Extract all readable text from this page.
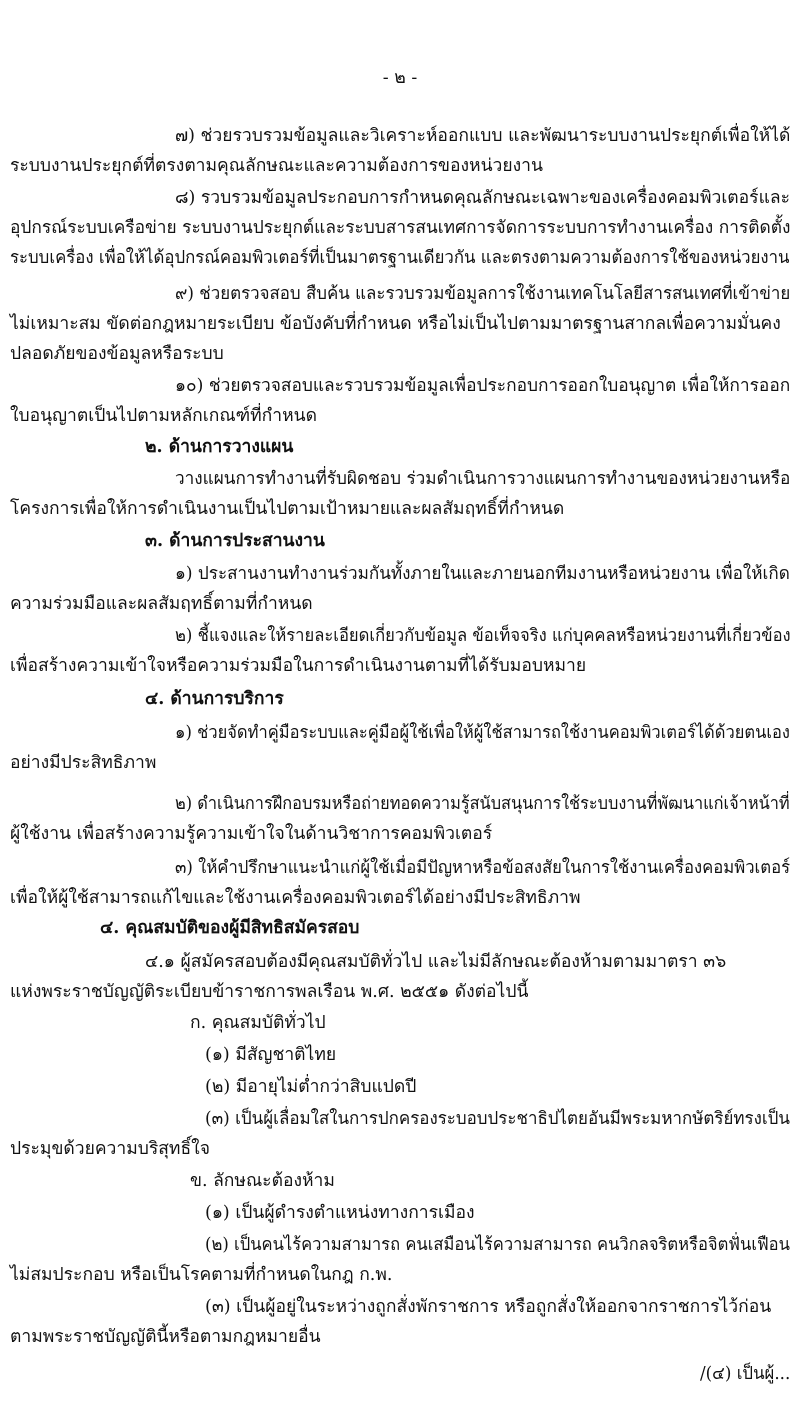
- ๒ -
๗) ช่วยรวบรวมข้อมูลและวิเคราะห์ออกแบบ และพัฒนาระบบงานประยุกต์เพื่อให้ได้
ระบบงานประยุกต์ที่ตรงตามคุณลักษณะและความต้องการของหน่วยงาน
๘) รวบรวมข้อมูลประกอบการกำหนดคุณลักษณะเฉพาะของเครื่องคอมพิวเตอร์และ
อุปกรณ์ระบบเครือข่าย ระบบงานประยุกต์และระบบสารสนเทศการจัดการระบบการทำงานเครื่อง การติดตั้ง
ระบบเครื่อง เพื่อให้ได้อุปกรณ์คอมพิวเตอร์ที่เป็นมาตรฐานเดียวกัน และตรงตามความต้องการใช้ของหน่วยงาน
๙) ช่วยตรวจสอบ สืบค้น และรวบรวมข้อมูลการใช้งานเทคโนโลยีสารสนเทศที่เข้าข่าย
ไม่เหมาะสม ขัดต่อกฎหมายระเบียบ ข้อบังคับที่กำหนด หรือไม่เป็นไปตามมาตรฐานสากลเพื่อความมั่นคง
ปลอดภัยของข้อมูลหรือระบบ
๑๐) ช่วยตรวจสอบและรวบรวมข้อมูลเพื่อประกอบการออกใบอนุญาต เพื่อให้การออก
ใบอนุญาตเป็นไปตามหลักเกณฑ์ที่กำหนด
๒. ด้านการวางแผน
วางแผนการทำงานที่รับผิดชอบ ร่วมดำเนินการวางแผนการทำงานของหน่วยงานหรือ
โครงการเพื่อให้การดำเนินงานเป็นไปตามเป้าหมายและผลสัมฤทธิ์ที่กำหนด
๓. ด้านการประสานงาน
๑) ประสานงานทำงานร่วมกันทั้งภายในและภายนอกทีมงานหรือหน่วยงาน เพื่อให้เกิด
ความร่วมมือและผลสัมฤทธิ์ตามที่กำหนด
๒) ชี้แจงและให้รายละเอียดเกี่ยวกับข้อมูล ข้อเท็จจริง แก่บุคคลหรือหน่วยงานที่เกี่ยวข้อง
เพื่อสร้างความเข้าใจหรือความร่วมมือในการดำเนินงานตามที่ได้รับมอบหมาย
๔. ด้านการบริการ
๑) ช่วยจัดทำคู่มือระบบและคู่มือผู้ใช้เพื่อให้ผู้ใช้สามารถใช้งานคอมพิวเตอร์ได้ด้วยตนเอง
อย่างมีประสิทธิภาพ
๒) ดำเนินการฝึกอบรมหรือถ่ายทอดความรู้สนับสนุนการใช้ระบบงานที่พัฒนาแก่เจ้าหน้าที่
ผู้ใช้งาน เพื่อสร้างความรู้ความเข้าใจในด้านวิชาการคอมพิวเตอร์
๓) ให้คำปรึกษาแนะนำแก่ผู้ใช้เมื่อมีปัญหาหรือข้อสงสัยในการใช้งานเครื่องคอมพิวเตอร์
เพื่อให้ผู้ใช้สามารถแก้ไขและใช้งานเครื่องคอมพิวเตอร์ได้อย่างมีประสิทธิภาพ
๔. คุณสมบัติของผู้มีสิทธิสมัครสอบ
๔.๑ ผู้สมัครสอบต้องมีคุณสมบัติทั่วไป และไม่มีลักษณะต้องห้ามตามมาตรา ๓๖
แห่งพระราชบัญญัติระเบียบข้าราชการพลเรือน พ.ศ. ๒๕๕๑ ดังต่อไปนี้
ก. คุณสมบัติทั่วไป
(๑) มีสัญชาติไทย
(๒) มีอายุไม่ต่ำกว่าสิบแปดปี
(๓) เป็นผู้เลื่อมใสในการปกครองระบอบประชาธิปไตยอันมีพระมหากษัตริย์ทรงเป็น
ประมุขด้วยความบริสุทธิ์ใจ
ข. ลักษณะต้องห้าม
(๑) เป็นผู้ดำรงตำแหน่งทางการเมือง
(๒) เป็นคนไร้ความสามารถ คนเสมือนไร้ความสามารถ คนวิกลจริตหรือจิตฟั่นเฟือน
ไม่สมประกอบ หรือเป็นโรคตามที่กำหนดในกฎ ก.พ.
(๓) เป็นผู้อยู่ในระหว่างถูกสั่งพักราชการ หรือถูกสั่งให้ออกจากราชการไว้ก่อน
ตามพระราชบัญญัตินี้หรือตามกฎหมายอื่น
/(๔) เป็นผู้...
